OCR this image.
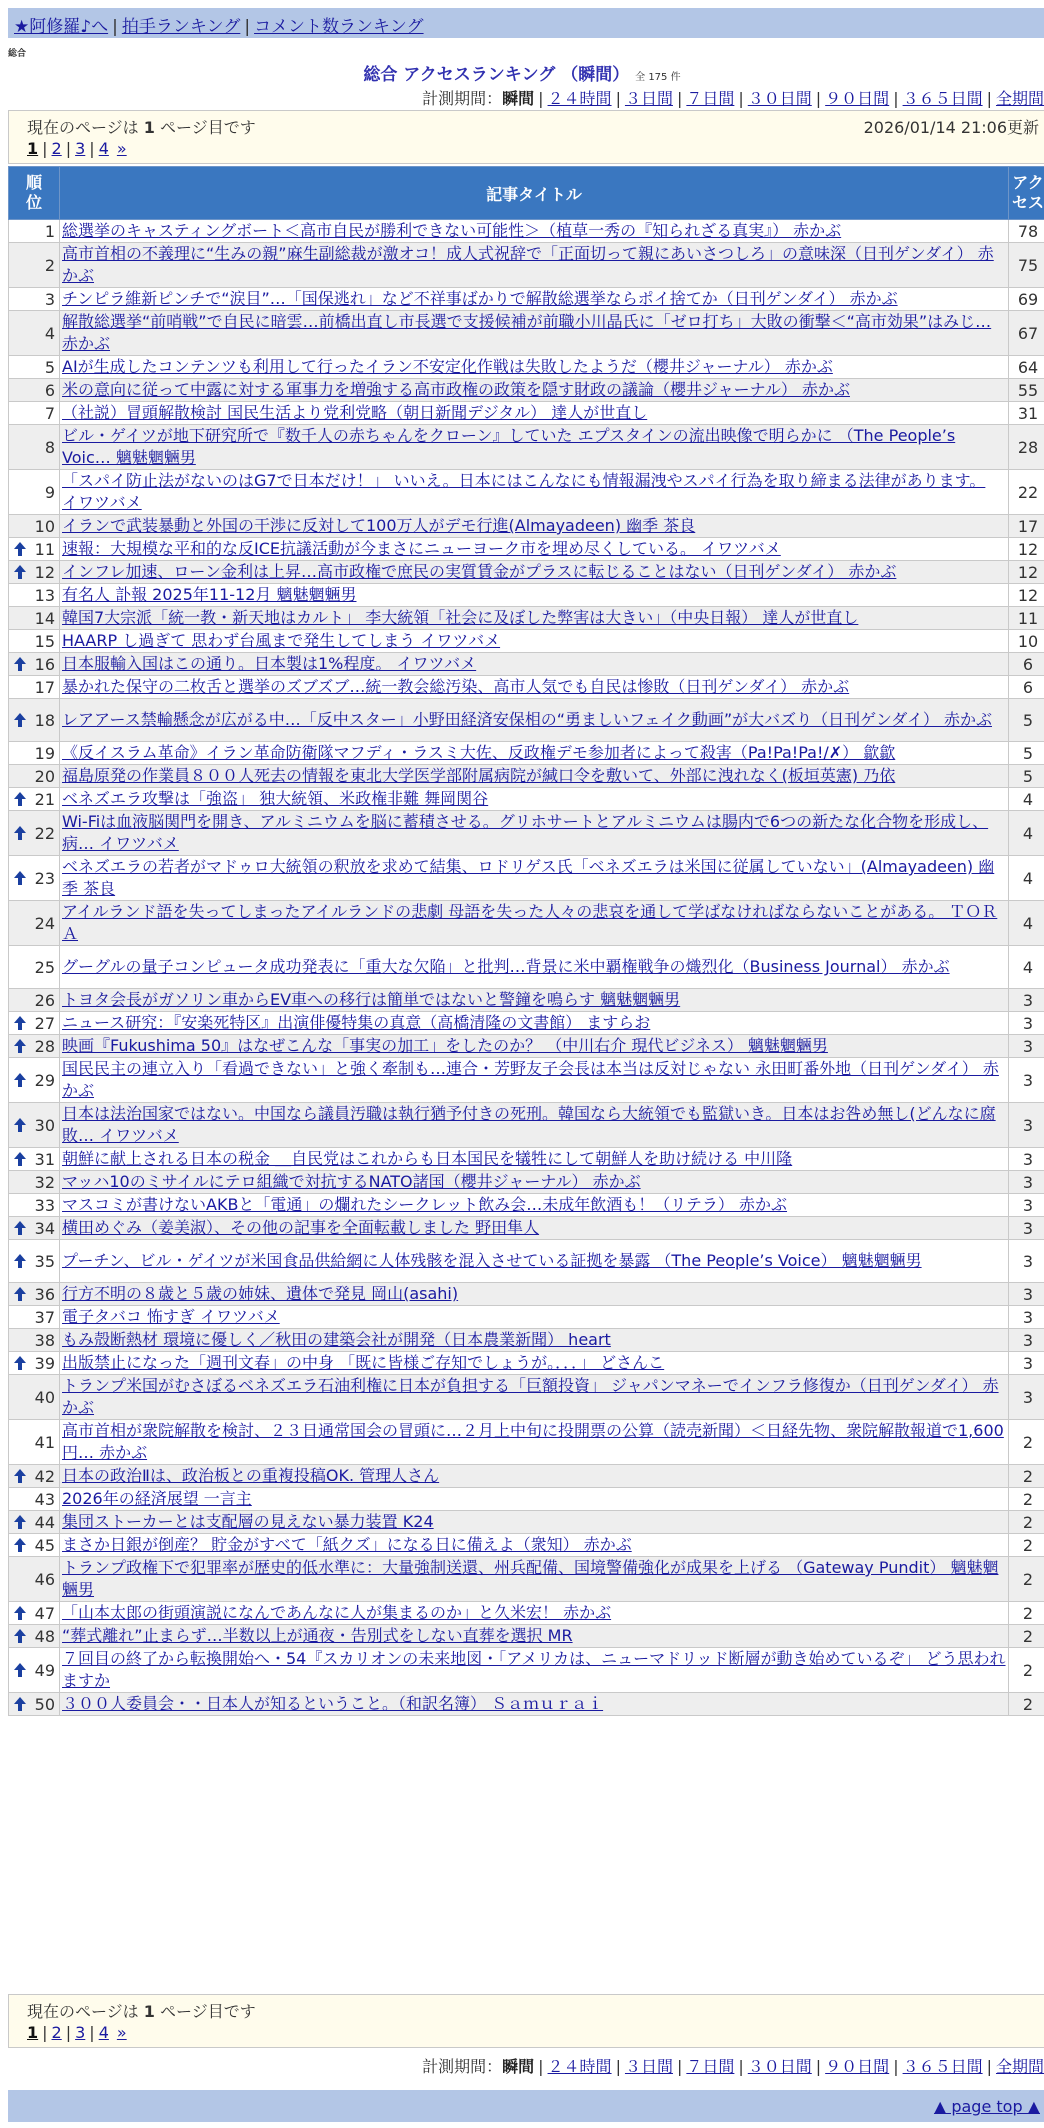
★阿修羅♪へ | 拍手ランキング | コメント数ランキング
総合
総合 アクセスランキング （瞬間） 全 175 件
計測期間：瞬間 | ２４時間 | ３日間 | ７日間 | ３０日間 | ９０日間 | ３６５日間 | 全期間
現在のページは 1 ページ目です	2026/01/14 21:06更新
1 | 2 | 3 | 4 »
順位	記事タイトル	アクセス
1	総選挙のキャスティングボート＜高市自民が勝利できない可能性＞（植草一秀の『知られざる真実』） 赤かぶ	78
2	高市首相の不義理に“生みの親”麻生副総裁が激オコ！成人式祝辞で「正面切って親にあいさつしろ」の意味深（日刊ゲンダイ） 赤かぶ	75
3	チンピラ維新ピンチで“涙目”…「国保逃れ」など不祥事ばかりで解散総選挙ならポイ捨てか（日刊ゲンダイ） 赤かぶ	69
4	解散総選挙“前哨戦”で自民に暗雲…前橋出直し市長選で支援候補が前職小川晶氏に「ゼロ打ち」大敗の衝撃＜“高市効果”はみじ… 赤かぶ	67
5	AIが生成したコンテンツも利用して行ったイラン不安定化作戦は失敗したようだ（櫻井ジャーナル） 赤かぶ	64
6	米の意向に従って中露に対する軍事力を増強する高市政権の政策を隠す財政の議論（櫻井ジャーナル） 赤かぶ	55
7	（社説）冒頭解散検討 国民生活より党利党略（朝日新聞デジタル） 達人が世直し	31
8	ビル・ゲイツが地下研究所で『数千人の赤ちゃんをクローン』していた エプスタインの流出映像で明らかに （The People’s Voic… 魑魅魍魎男	28
9	「スパイ防止法がないのはG7で日本だけ！」 いいえ。日本にはこんなにも情報漏洩やスパイ行為を取り締まる法律があります。 イワツバメ	22
10	イランで武装暴動と外国の干渉に反対して100万人がデモ行進(Almayadeen) 幽季 茶良	17

11	速報：大規模な平和的な反ICE抗議活動が今まさにニューヨーク市を埋め尽くしている。 イワツバメ	12

12	インフレ加速、ローン金利は上昇…高市政権で庶民の実質賃金がプラスに転じることはない（日刊ゲンダイ） 赤かぶ	12
13	有名人 訃報 2025年11-12月 魑魅魍魎男	12
14	韓国7大宗派「統一教・新天地はカルト」 李大統領「社会に及ぼした弊害は大きい」（中央日報） 達人が世直し	11
15	HAARP し過ぎて 思わず台風まで発生してしまう イワツバメ	10

16	日本服輸入国はこの通り。日本製は1%程度。 イワツバメ	6
17	暴かれた保守の二枚舌と選挙のズブズブ…統一教会総汚染、高市人気でも自民は惨敗（日刊ゲンダイ） 赤かぶ	6

18	レアアース禁輸懸念が広がる中…「反中スター」小野田経済安保相の“勇ましいフェイク動画”が大バズり（日刊ゲンダイ） 赤かぶ	5
19	《反イスラム革命》イラン革命防衛隊マフディ・ラスミ大佐、反政権デモ参加者によって殺害（Pa!Pa!Pa!/✗） 歙歙	5
20	福島原発の作業員８００人死去の情報を東北大学医学部附属病院が緘口令を敷いて、外部に洩れなく(板垣英憲) 乃依	5

21	ベネズエラ攻撃は「強盗」 独大統領、米政権非難 舞岡関谷	4

22	Wi-Fiは血液脳関門を開き、アルミニウムを脳に蓄積させる。グリホサートとアルミニウムは腸内で6つの新たな化合物を形成し、病… イワツバメ	4

23	ベネズエラの若者がマドゥロ大統領の釈放を求めて結集、ロドリゲス氏「ベネズエラは米国に従属していない」(Almayadeen) 幽季 茶良	4
24	アイルランド語を失ってしまったアイルランドの悲劇 母語を失った人々の悲哀を通して学ばなければならないことがある。 ＴＯＲＡ	4
25	グーグルの量子コンピュータ成功発表に「重大な欠陥」と批判…背景に米中覇権戦争の熾烈化（Business Journal） 赤かぶ	4
26	トヨタ会長がガソリン車からEV車への移行は簡単ではないと警鐘を鳴らす 魑魅魍魎男	3

27	ニュース研究：『安楽死特区』出演俳優特集の真意（高橋清隆の文書館） ますらお	3

28	映画『Fukushima 50』はなぜこんな「事実の加工」をしたのか？ （中川右介 現代ビジネス） 魑魅魍魎男	3

29	国民民主の連立入り「看過できない」と強く牽制も…連合・芳野友子会長は本当は反対じゃない 永田町番外地（日刊ゲンダイ） 赤かぶ	3

30	日本は法治国家ではない。中国なら議員汚職は執行猶予付きの死刑。韓国なら大統領でも監獄いき。日本はお咎め無し(どんなに腐敗… イワツバメ	3

31	朝鮮に献上される日本の税金 ＿自民党はこれからも日本国民を犠牲にして朝鮮人を助け続ける 中川隆	3
32	マッハ10のミサイルにテロ組織で対抗するNATO諸国（櫻井ジャーナル） 赤かぶ	3
33	マスコミが書けないAKBと「電通」の爛れたシークレット飲み会…未成年飲酒も！（リテラ） 赤かぶ	3

34	横田めぐみ（姜美淑）、その他の記事を全面転載しました 野田隼人	3

35	プーチン、ビル・ゲイツが米国食品供給網に人体残骸を混入させている証拠を暴露 （The People’s Voice） 魑魅魍魎男	3

36	行方不明の８歳と５歳の姉妹、遺体で発見 岡山(asahi)	3
37	電子タバコ 怖すぎ イワツバメ	3
38	もみ殻断熱材 環境に優しく／秋田の建築会社が開発（日本農業新聞） heart	3

39	出版禁止になった「週刊文春」の中身 「既に皆様ご存知でしょうが。．．．」 どさんこ	3
40	トランプ米国がむさぼるベネズエラ石油利権に日本が負担する「巨額投資」 ジャパンマネーでインフラ修復か（日刊ゲンダイ） 赤かぶ	3
41	高市首相が衆院解散を検討、２３日通常国会の冒頭に…２月上中旬に投開票の公算（読売新聞）＜日経先物、衆院解散報道で1,600円… 赤かぶ	2

42	日本の政治Ⅱは、政治板との重複投稿OK. 管理人さん	2
43	2026年の経済展望 一言主	2

44	集団ストーカーとは支配層の見えない暴力装置 K24	2

45	まさか日銀が倒産？ 貯金がすべて「紙クズ」になる日に備えよ（衆知） 赤かぶ	2
46	トランプ政権下で犯罪率が歴史的低水準に：大量強制送還、州兵配備、国境警備強化が成果を上げる （Gateway Pundit） 魑魅魍魎男	2

47	「山本太郎の街頭演説になんであんなに人が集まるのか」と久米宏！ 赤かぶ	2

48	“葬式離れ”止まらず…半数以上が通夜・告別式をしない直葬を選択 MR	2

49	７回目の終了から転換開始へ・54『スカリオンの未来地図・「アメリカは、ニューマドリッド断層が動き始めているぞ」 どう思われますか	2

50	３００人委員会・・日本人が知るということ。（和訳名簿） Ｓａｍｕｒａｉ	2
現在のページは 1 ページ目です
1 | 2 | 3 | 4 »
計測期間：瞬間 | ２４時間 | ３日間 | ７日間 | ３０日間 | ９０日間 | ３６５日間 | 全期間
▲ page top ▲
